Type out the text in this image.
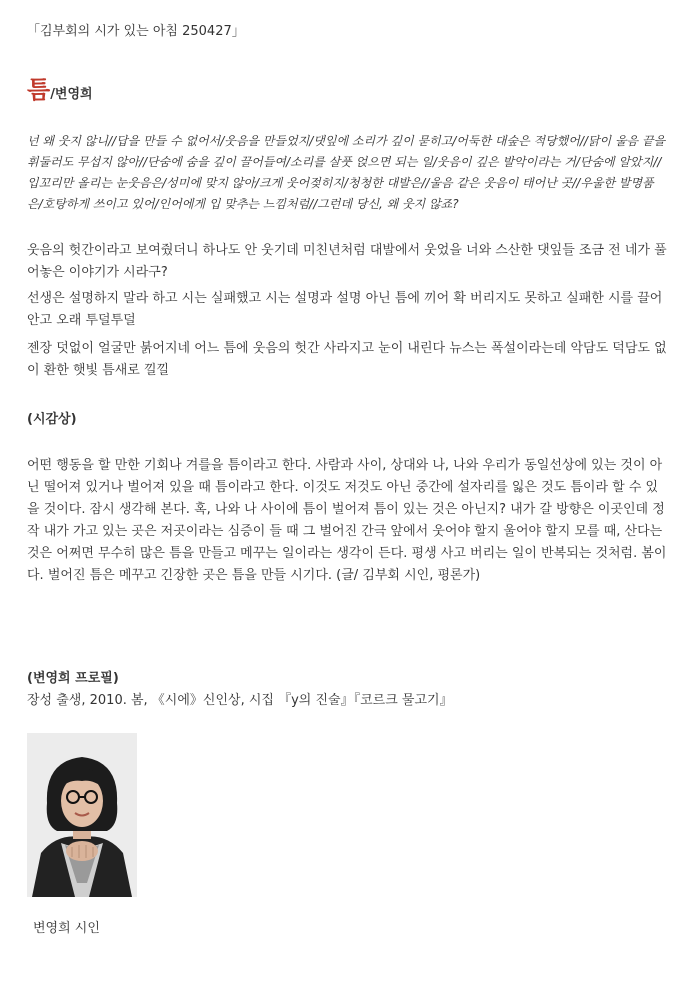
「김부회의 시가 있는 아침 250427」
틈/변영희
넌 왜 웃지 않니//답을 만들 수 없어서/웃음을 만들었지/댓잎에 소리가 깊이 묻히고/어둑한 대숲은 적당했어//닭이 울음 끝을 휘둘러도 무섭지 않아//단숨에 숨을 깊이 끌어들여/소리를 살풋 얹으면 되는 일/웃음이 깊은 발악이라는 거/단숨에 알았지//입꼬리만 올리는 눈웃음은/성미에 맞지 않아/크게 웃어젖히지/청청한 대발은//울음 같은 웃음이 태어난 곳//우울한 발명품은/호탕하게 쓰이고 있어/인어에게 입 맞추는 느낌처럼//그런데 당신, 왜 웃지 않죠?
웃음의 헛간이라고 보여줬더니 하나도 안 웃기데 미친년처럼 대발에서 웃었을 너와 스산한 댓잎들 조금 전 네가 풀어놓은 이야기가 시라구?
선생은 설명하지 말라 하고 시는 실패했고 시는 설명과 설명 아닌 틈에 끼어 확 버리지도 못하고 실패한 시를 끌어안고 오래 투덜투덜
젠장 덧없이 얼굴만 붉어지네 어느 틈에 웃음의 헛간 사라지고 눈이 내린다 뉴스는 폭설이라는데 악담도 덕담도 없이 환한 햇빛 틈새로 낄낄
(시감상)
어떤 행동을 할 만한 기회나 겨를을 틈이라고 한다. 사람과 사이, 상대와 나, 나와 우리가 동일선상에 있는 것이 아닌 떨어져 있거나 벌어져 있을 때 틈이라고 한다. 이것도 저것도 아닌 중간에 설자리를 잃은 것도 틈이라 할 수 있을 것이다. 잠시 생각해 본다. 혹, 나와 나 사이에 틈이 벌어져 틈이 있는 것은 아닌지? 내가 갈 방향은 이곳인데 정작 내가 가고 있는 곳은 저곳이라는 심증이 들 때 그 벌어진 간극 앞에서 웃어야 할지 울어야 할지 모를 때, 산다는 것은 어쩌면 무수히 많은 틈을 만들고 메꾸는 일이라는 생각이 든다. 평생 사고 버리는 일이 반복되는 것처럼. 봄이다. 벌어진 틈은 메꾸고 긴장한 곳은 틈을 만들 시기다. (글/ 김부회 시인, 평론가)
(변영희 프로필)
장성 출생, 2010. 봄, 《시에》신인상, 시집 『y의 진술』『코르크 물고기』
변영희 시인
